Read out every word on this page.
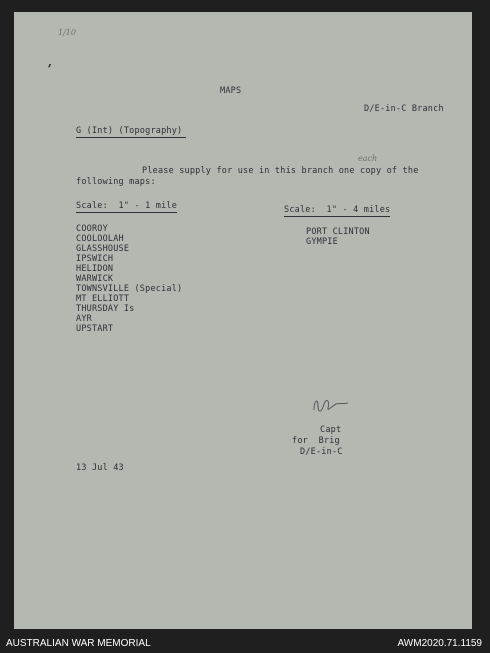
1/10
,
MAPS
D/E-in-C Branch
G (Int) (Topography)
each
Please supply for use in this branch one copy of the
following maps:
Scale:  1" - 1 mile	Scale:  1" - 4 miles
COOROY
COOLOOLAH
GLASSHOUSE
IPSWICH
HELIDON
WARWICK
TOWNSVILLE (Special)
MT ELLIOTT
THURSDAY Is
AYR
UPSTART
PORT CLINTON
GYMPIE
Capt
for  Brig
D/E-in-C
13 Jul 43
AUSTRALIAN WAR MEMORIAL	AWM2020.71.1159
